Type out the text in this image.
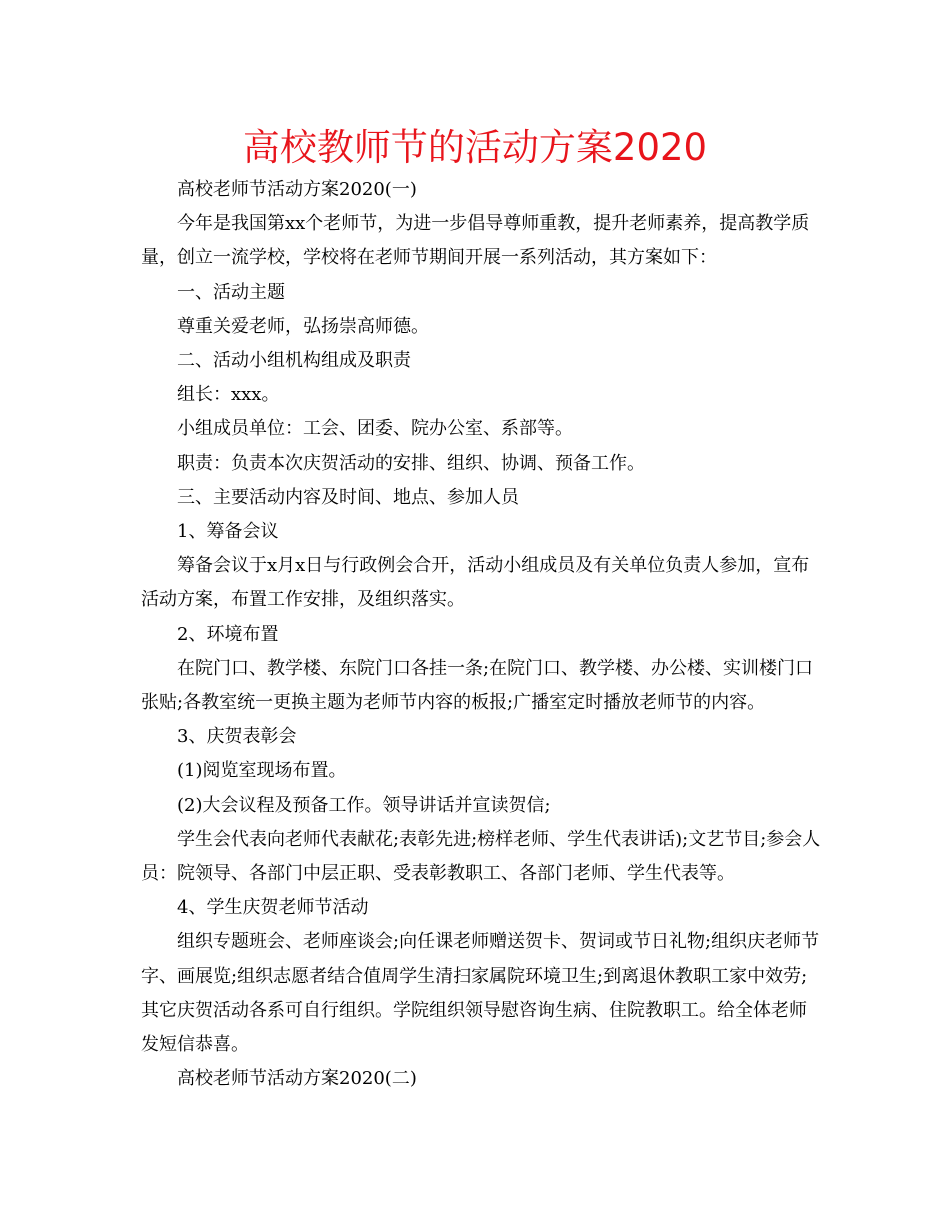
高校教师节的活动方案2020

高校老师节活动方案2020(一)

今年是我国第xx个老师节，为进一步倡导尊师重教，提升老师素养，提高教学质量，创立一流学校，学校将在老师节期间开展一系列活动，其方案如下：

一、活动主题

尊重关爱老师，弘扬崇高师德。

二、活动小组机构组成及职责

组长：xxx。

小组成员单位：工会、团委、院办公室、系部等。

职责：负责本次庆贺活动的安排、组织、协调、预备工作。

三、主要活动内容及时间、地点、参加人员

1、筹备会议

筹备会议于x月x日与行政例会合开，活动小组成员及有关单位负责人参加，宣布活动方案，布置工作安排，及组织落实。

2、环境布置

在院门口、教学楼、东院门口各挂一条;在院门口、教学楼、办公楼、实训楼门口张贴;各教室统一更换主题为老师节内容的板报;广播室定时播放老师节的内容。

3、庆贺表彰会

(1)阅览室现场布置。

(2)大会议程及预备工作。领导讲话并宣读贺信;

学生会代表向老师代表献花;表彰先进;榜样老师、学生代表讲话);文艺节目;参会人员：院领导、各部门中层正职、受表彰教职工、各部门老师、学生代表等。

4、学生庆贺老师节活动

组织专题班会、老师座谈会;向任课老师赠送贺卡、贺词或节日礼物;组织庆老师节字、画展览;组织志愿者结合值周学生清扫家属院环境卫生;到离退休教职工家中效劳;其它庆贺活动各系可自行组织。学院组织领导慰咨询生病、住院教职工。给全体老师发短信恭喜。

高校老师节活动方案2020(二)
